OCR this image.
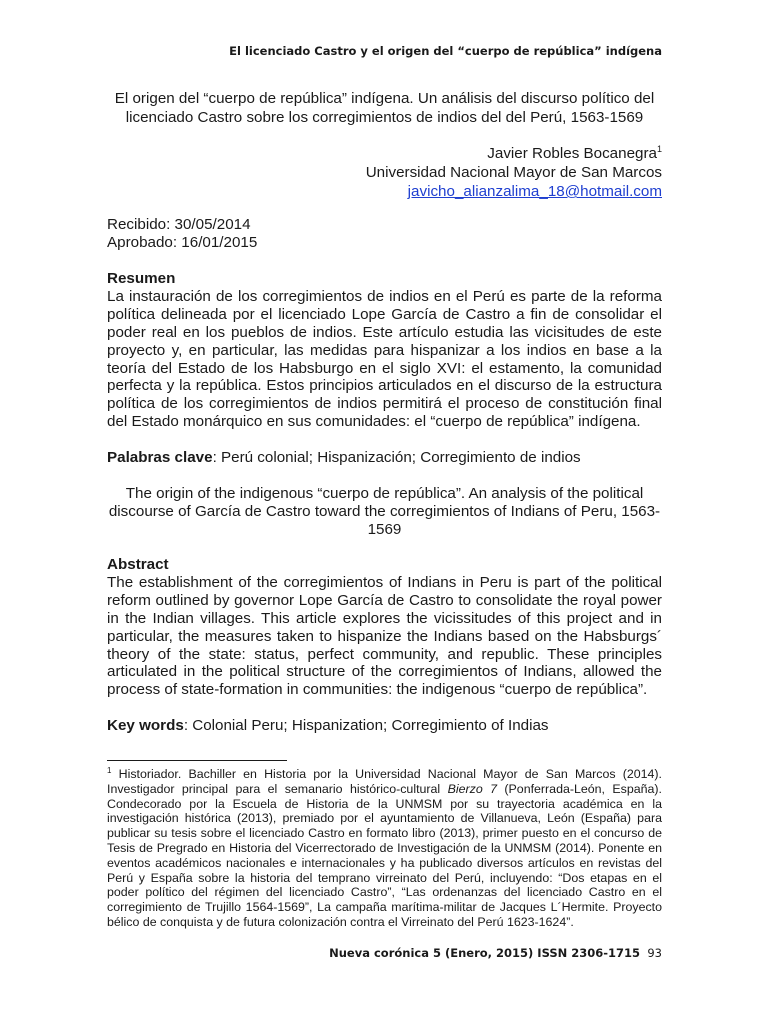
El licenciado Castro y el origen del “cuerpo de república” indígena
El origen del “cuerpo de república” indígena. Un análisis del discurso político del licenciado Castro sobre los corregimientos de indios del del Perú, 1563-1569
Javier Robles Bocanegra$^1$
Universidad Nacional Mayor de San Marcos
javicho_alianzalima_18@hotmail.com
Recibido: 30/05/2014
Aprobado: 16/01/2015
Resumen
La instauración de los corregimientos de indios en el Perú es parte de la reforma política delineada por el licenciado Lope García de Castro a fin de consolidar el poder real en los pueblos de indios. Este artículo estudia las vicisitudes de este proyecto y, en particular, las medidas para hispanizar a los indios en base a la teoría del Estado de los Habsburgo en el siglo XVI: el estamento, la comunidad perfecta y la república. Estos principios articulados en el discurso de la estructura política de los corregimientos de indios permitirá el proceso de constitución final del Estado monárquico en sus comunidades: el “cuerpo de república” indígena.
Palabras clave: Perú colonial; Hispanización; Corregimiento de indios
The origin of the indigenous “cuerpo de república”. An analysis of the political discourse of García de Castro toward the corregimientos of Indians of Peru, 1563-1569
Abstract
The establishment of the corregimientos of Indians in Peru is part of the political reform outlined by governor Lope García de Castro to consolidate the royal power in the Indian villages. This article explores the vicissitudes of this project and in particular, the measures taken to hispanize the Indians based on the Habsburgs´ theory of the state: status, perfect community, and republic. These principles articulated in the political structure of the corregimientos of Indians, allowed the process of state-formation in communities: the indigenous “cuerpo de república”.
Key words: Colonial Peru; Hispanization; Corregimiento of Indias
$^1$ Historiador. Bachiller en Historia por la Universidad Nacional Mayor de San Marcos (2014). Investigador principal para el semanario histórico-cultural Bierzo 7 (Ponferrada-León, España). Condecorado por la Escuela de Historia de la UNMSM por su trayectoria académica en la investigación histórica (2013), premiado por el ayuntamiento de Villanueva, León (España) para publicar su tesis sobre el licenciado Castro en formato libro (2013), primer puesto en el concurso de Tesis de Pregrado en Historia del Vicerrectorado de Investigación de la UNMSM (2014). Ponente en eventos académicos nacionales e internacionales y ha publicado diversos artículos en revistas del Perú y España sobre la historia del temprano virreinato del Perú, incluyendo: “Dos etapas en el poder político del régimen del licenciado Castro”, “Las ordenanzas del licenciado Castro en el corregimiento de Trujillo 1564-1569”, La campaña marítima-militar de Jacques L´Hermite. Proyecto bélico de conquista y de futura colonización contra el Virreinato del Perú 1623-1624”.
Nueva corónica 5 (Enero, 2015) ISSN 2306-1715 93
